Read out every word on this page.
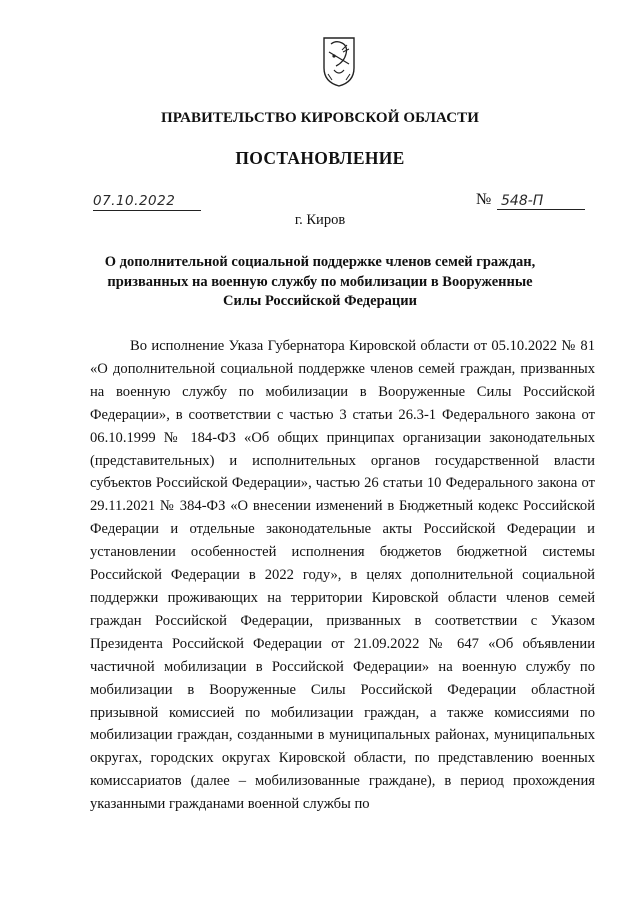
ПРАВИТЕЛЬСТВО КИРОВСКОЙ ОБЛАСТИ
ПОСТАНОВЛЕНИЕ
07.10.2022	№ 548-П
г. Киров
О дополнительной социальной поддержке членов семей граждан, призванных на военную службу по мобилизации в Вооруженные Силы Российской Федерации

Во исполнение Указа Губернатора Кировской области от 05.10.2022 № 81 «О дополнительной социальной поддержке членов семей граждан, призванных на военную службу по мобилизации в Вооруженные Силы Российской Федерации», в соответствии с частью 3 статьи 26.3-1 Федерального закона от 06.10.1999 № 184-ФЗ «Об общих принципах организации законодательных (представительных) и исполнительных органов государственной власти субъектов Российской Федерации», частью 26 статьи 10 Федерального закона от 29.11.2021 № 384-ФЗ «О внесении изменений в Бюджетный кодекс Российской Федерации и отдельные законодательные акты Российской Федерации и установлении особенностей исполнения бюджетов бюджетной системы Российской Федерации в 2022 году», в целях дополнительной социальной поддержки проживающих на территории Кировской области членов семей граждан Российской Федерации, призванных в соответствии с Указом Президента Российской Федерации от 21.09.2022 № 647 «Об объявлении частичной мобилизации в Российской Федерации» на военную службу по мобилизации в Вооруженные Силы Российской Федерации областной призывной комиссией по мобилизации граждан, а также комиссиями по мобилизации граждан, созданными в муниципальных районах, муниципальных округах, городских округах Кировской области, по представлению военных комиссариатов (далее – мобилизованные граждане), в период прохождения указанными гражданами военной службы по
